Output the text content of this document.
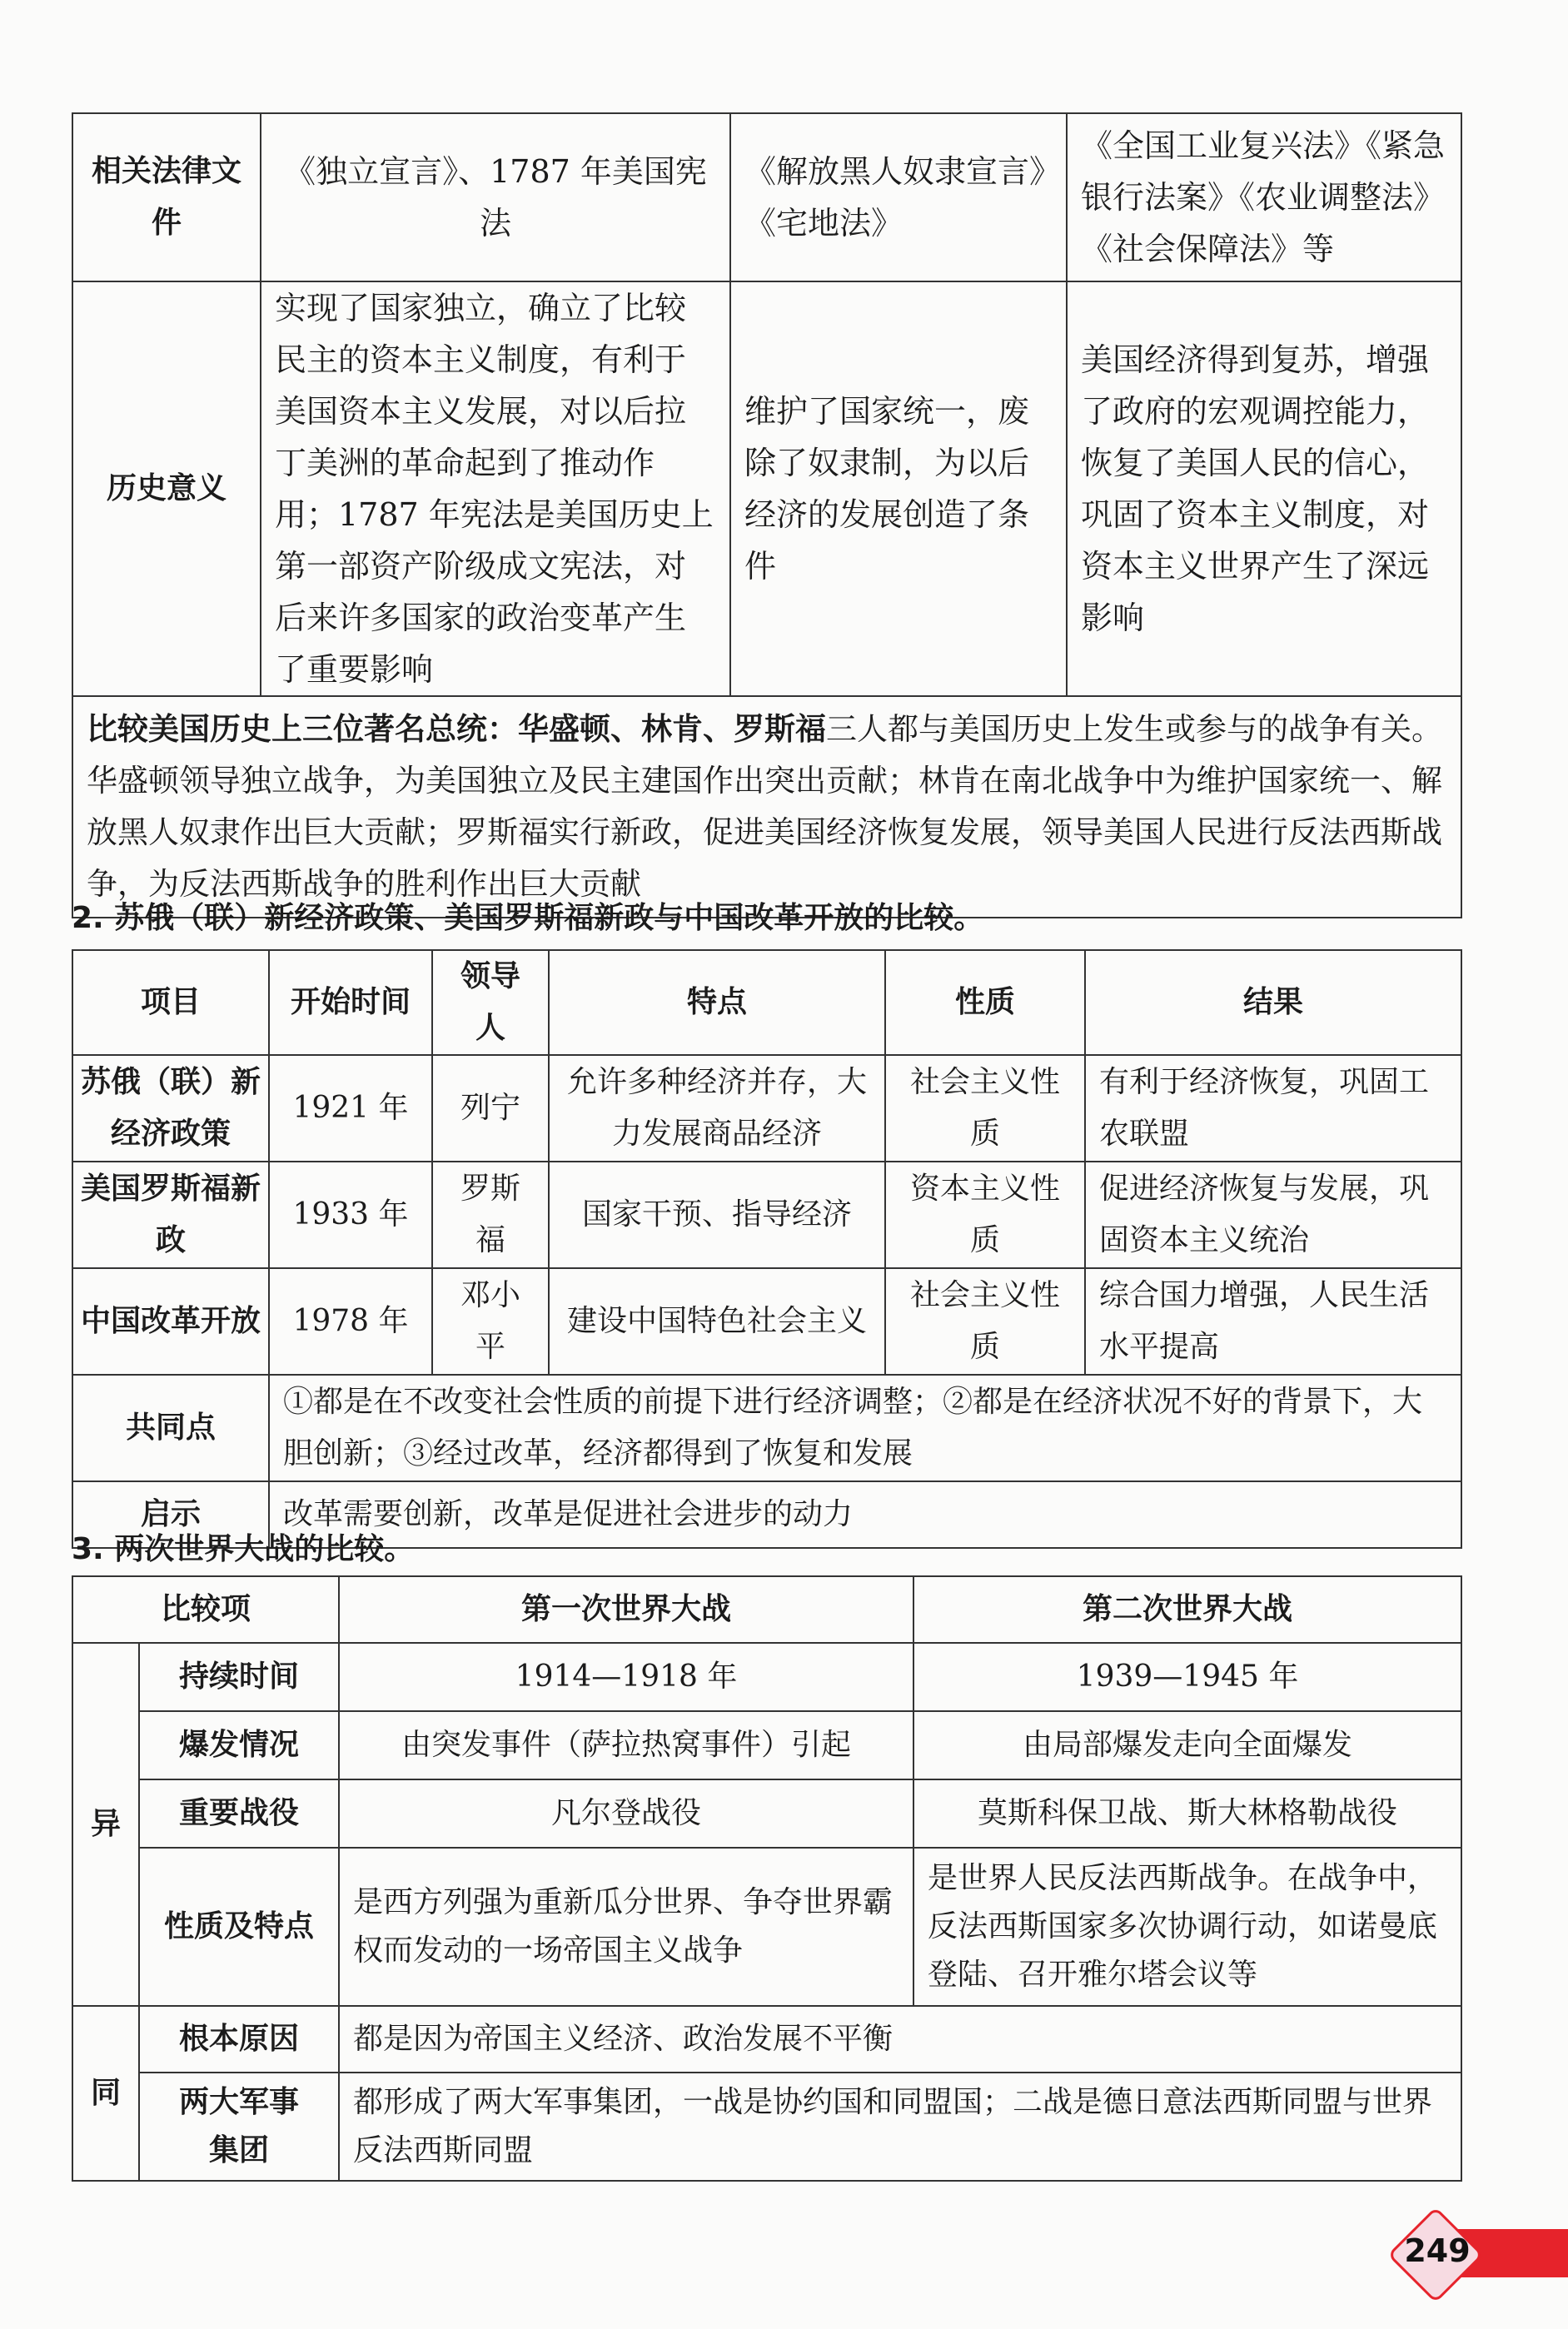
相关法律文件	《独立宣言》、1787 年美国宪法	《解放黑人奴隶宣言》《宅地法》	《全国工业复兴法》《紧急银行法案》《农业调整法》《社会保障法》等
历史意义	实现了国家独立，确立了比较民主的资本主义制度，有利于美国资本主义发展，对以后拉丁美洲的革命起到了推动作用；1787 年宪法是美国历史上第一部资产阶级成文宪法，对后来许多国家的政治变革产生了重要影响	维护了国家统一，废除了奴隶制，为以后经济的发展创造了条件	美国经济得到复苏，增强了政府的宏观调控能力，恢复了美国人民的信心，巩固了资本主义制度，对资本主义世界产生了深远影响
比较美国历史上三位著名总统：华盛顿、林肯、罗斯福三人都与美国历史上发生或参与的战争有关。华盛顿领导独立战争，为美国独立及民主建国作出突出贡献；林肯在南北战争中为维护国家统一、解放黑人奴隶作出巨大贡献；罗斯福实行新政，促进美国经济恢复发展，领导美国人民进行反法西斯战争，为反法西斯战争的胜利作出巨大贡献			
2. 苏俄（联）新经济政策、美国罗斯福新政与中国改革开放的比较。
项目	开始时间	领导人	特点	性质	结果
苏俄（联）新经济政策	1921 年	列宁	允许多种经济并存，大力发展商品经济	社会主义性质	有利于经济恢复，巩固工农联盟
美国罗斯福新政	1933 年	罗斯福	国家干预、指导经济	资本主义性质	促进经济恢复与发展，巩固资本主义统治
中国改革开放	1978 年	邓小平	建设中国特色社会主义	社会主义性质	综合国力增强，人民生活水平提高
共同点	①都是在不改变社会性质的前提下进行经济调整；②都是在经济状况不好的背景下，大胆创新；③经过改革，经济都得到了恢复和发展				
启示	改革需要创新，改革是促进社会进步的动力				
3. 两次世界大战的比较。
比较项		第一次世界大战	第二次世界大战
异	持续时间	1914—1918 年	1939—1945 年
	爆发情况	由突发事件（萨拉热窝事件）引起	由局部爆发走向全面爆发
	重要战役	凡尔登战役	莫斯科保卫战、斯大林格勒战役
	性质及特点	是西方列强为重新瓜分世界、争夺世界霸权而发动的一场帝国主义战争	是世界人民反法西斯战争。在战争中，反法西斯国家多次协调行动，如诺曼底登陆、召开雅尔塔会议等
同	根本原因	都是因为帝国主义经济、政治发展不平衡	
	两大军事集团	都形成了两大军事集团，一战是协约国和同盟国；二战是德日意法西斯同盟与世界反法西斯同盟	
249
